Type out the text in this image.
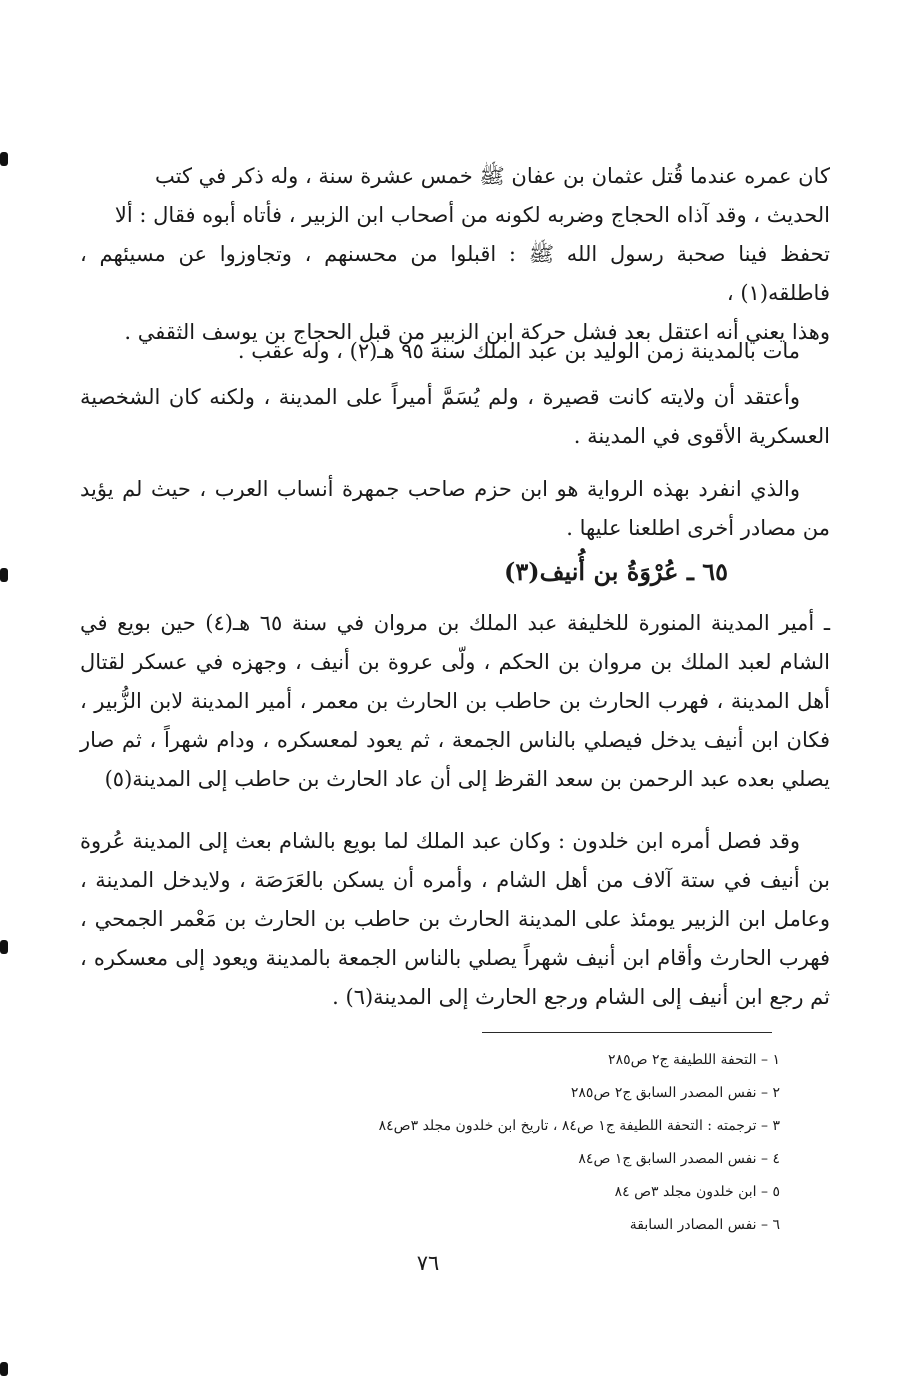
كان عمره عندما قُتل عثمان بن عفان ﷺ خمس عشرة سنة ، وله ذكر في كتب
الحديث ، وقد آذاه الحجاج وضربه لكونه من أصحاب ابن الزبير ، فأتاه أبوه فقال : ألا
تحفظ فينا صحبة رسول الله ﷺ : اقبلوا من محسنهم ، وتجاوزوا عن مسيئهم ، فاطلقه(١) ،
وهذا يعني أنه اعتقل بعد فشل حركة ابن الزبير من قبل الحجاج بن يوسف الثقفي .

مات بالمدينة زمن الوليد بن عبد الملك سنة ٩٥ هـ(٢) ، وله عقب .

وأعتقد أن ولايته كانت قصيرة ، ولم يُسَمَّ أميراً على المدينة ، ولكنه كان الشخصية العسكرية الأقوى في المدينة .

والذي انفرد بهذه الرواية هو ابن حزم صاحب جمهرة أنساب العرب ، حيث لم يؤيد من مصادر أخرى اطلعنا عليها .

٦٥ ـ عُرْوَةُ بن أُنيف(٣)

ـ أمير المدينة المنورة للخليفة عبد الملك بن مروان في سنة ٦٥ هـ(٤) حين بويع في الشام لعبد الملك بن مروان بن الحكم ، ولّى عروة بن أنيف ، وجهزه في عسكر لقتال أهل المدينة ، فهرب الحارث بن حاطب بن الحارث بن معمر ، أمير المدينة لابن الزُّبير ، فكان ابن أنيف يدخل فيصلي بالناس الجمعة ، ثم يعود لمعسكره ، ودام شهراً ، ثم صار يصلي بعده عبد الرحمن بن سعد القرظ إلى أن عاد الحارث بن حاطب إلى المدينة(٥)

وقد فصل أمره ابن خلدون : وكان عبد الملك لما بويع بالشام بعث إلى المدينة عُروة بن أنيف في ستة آلاف من أهل الشام ، وأمره أن يسكن بالعَرَصَة ، ولايدخل المدينة ، وعامل ابن الزبير يومئذ على المدينة الحارث بن حاطب بن الحارث بن مَعْمر الجمحي ، فهرب الحارث وأقام ابن أنيف شهراً يصلي بالناس الجمعة بالمدينة ويعود إلى معسكره ، ثم رجع ابن أنيف إلى الشام ورجع الحارث إلى المدينة(٦) .

١ – التحفة اللطيفة ج٢ ص٢٨٥
٢ – نفس المصدر السابق ج٢ ص٢٨٥
٣ – ترجمته : التحفة اللطيفة ج١ ص٨٤ ، تاريخ ابن خلدون مجلد ٣ص٨٤
٤ – نفس المصدر السابق ج١ ص٨٤
٥ – ابن خلدون مجلد ٣ص ٨٤
٦ – نفس المصادر السابقة
٧٦
